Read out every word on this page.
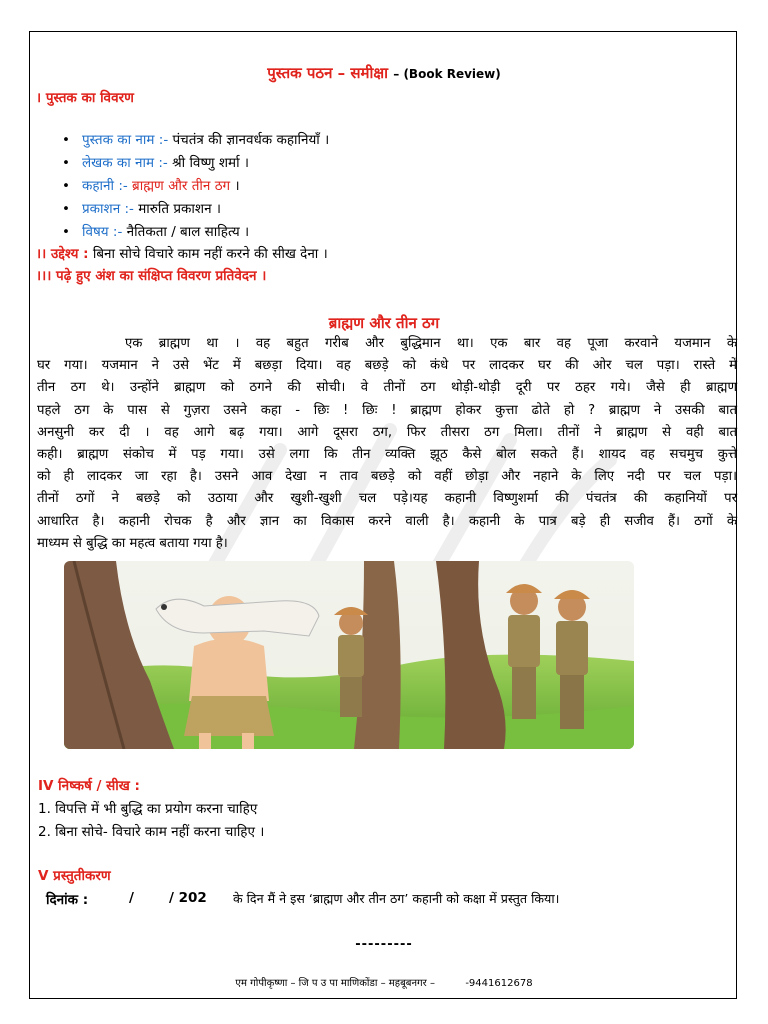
पुस्तक पठन – समीक्षा – (Book Review)
। पुस्तक का विवरण
• पुस्तक का नाम :- पंचतंत्र की ज्ञानवर्धक कहानियाँ ।
• लेखक का नाम :- श्री विष्णु शर्मा ।
• कहानी :- ब्राह्मण और तीन ठग ।
• प्रकाशन :- मारुति प्रकाशन ।
• विषय :- नैतिकता / बाल साहित्य ।
।। उद्देश्य : बिना सोचे विचारे काम नहीं करने की सीख देना ।
।।। पढ़े हुए अंश का संक्षिप्त विवरण प्रतिवेदन ।
ब्राह्मण और तीन ठग
एक ब्राह्मण था । वह बहुत गरीब और बुद्धिमान था। एक बार वह पूजा करवाने यजमान के
घर गया। यजमान ने उसे भेंट में बछड़ा दिया। वह बछड़े को कंधे पर लादकर घर की ओर चल पड़ा। रास्ते में
तीन ठग थे। उन्होंने ब्राह्मण को ठगने की सोची। वे तीनों ठग थोड़ी-थोड़ी दूरी पर ठहर गये। जैसे ही ब्राह्मण
पहले ठग के पास से गुज़रा उसने कहा - छिः ! छिः ! ब्राह्मण होकर कुत्ता ढोते हो ? ब्राह्मण ने उसकी बात
अनसुनी कर दी । वह आगे बढ़ गया। आगे दूसरा ठग, फिर तीसरा ठग मिला। तीनों ने ब्राह्मण से वही बात
कही। ब्राह्मण संकोच में पड़ गया। उसे लगा कि तीन व्यक्ति झूठ कैसे बोल सकते हैं। शायद वह सचमुच कुत्ते
को ही लादकर जा रहा है। उसने आव देखा न ताव बछड़े को वहीं छोड़ा और नहाने के लिए नदी पर चल पड़ा।
तीनों ठगों ने बछड़े को उठाया और खुशी-खुशी चल पड़े।यह कहानी विष्णुशर्मा की पंचतंत्र की कहानियों पर
आधारित है। कहानी रोचक है और ज्ञान का विकास करने वाली है। कहानी के पात्र बड़े ही सजीव हैं। ठगों के
माध्यम से बुद्धि का महत्व बताया गया है।
IV निष्कर्ष / सीख :
1. विपत्ति में भी बुद्धि का प्रयोग करना चाहिए
2. बिना सोचे- विचारे काम नहीं करना चाहिए ।
V प्रस्तुतीकरण
दिनांक :	/	/ 202 के दिन मैं ने इस ‘ब्राह्मण और तीन ठग’ कहानी को कक्षा में प्रस्तुत किया।
---------
एम गोपीकृष्णा – जि प उ पा माणिकोंडा – महबूबनगर –	-9441612678
